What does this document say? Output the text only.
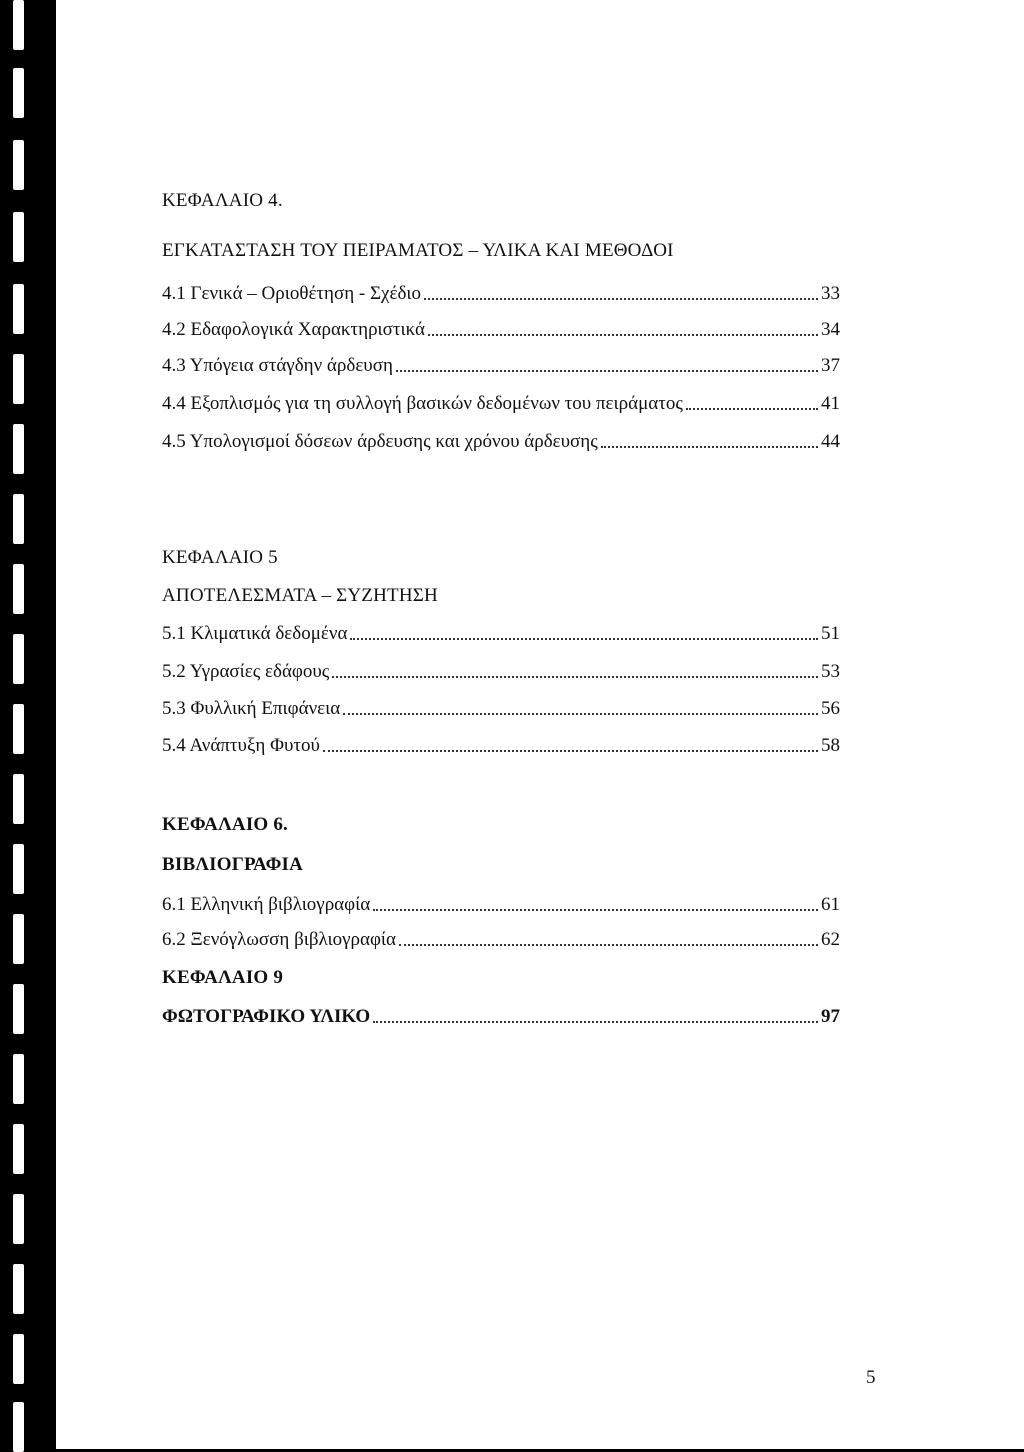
ΚΕΦΑΛΑΙΟ 4.
ΕΓΚΑΤΑΣΤΑΣΗ ΤΟΥ ΠΕΙΡΑΜΑΤΟΣ – ΥΛΙΚΑ ΚΑΙ ΜΕΘΟΔΟΙ
4.1 Γενικά – Οριοθέτηση - Σχέδιο	33
4.2 Εδαφολογικά Χαρακτηριστικά	34
4.3 Υπόγεια στάγδην άρδευση	37
4.4 Εξοπλισμός για τη συλλογή βασικών δεδομένων του πειράματος	41
4.5 Υπολογισμοί δόσεων άρδευσης και χρόνου άρδευσης	44
ΚΕΦΑΛΑΙΟ 5
ΑΠΟΤΕΛΕΣΜΑΤΑ – ΣΥΖΗΤΗΣΗ
5.1 Κλιματικά δεδομένα	51
5.2 Υγρασίες εδάφους	53
5.3 Φυλλική Επιφάνεια	56
5.4 Ανάπτυξη Φυτού	58
ΚΕΦΑΛΑΙΟ 6.
ΒΙΒΛΙΟΓΡΑΦΙΑ
6.1 Ελληνική βιβλιογραφία	61
6.2 Ξενόγλωσση βιβλιογραφία	62
ΚΕΦΑΛΑΙΟ 9
ΦΩΤΟΓΡΑΦΙΚΟ ΥΛΙΚΟ	97
5
